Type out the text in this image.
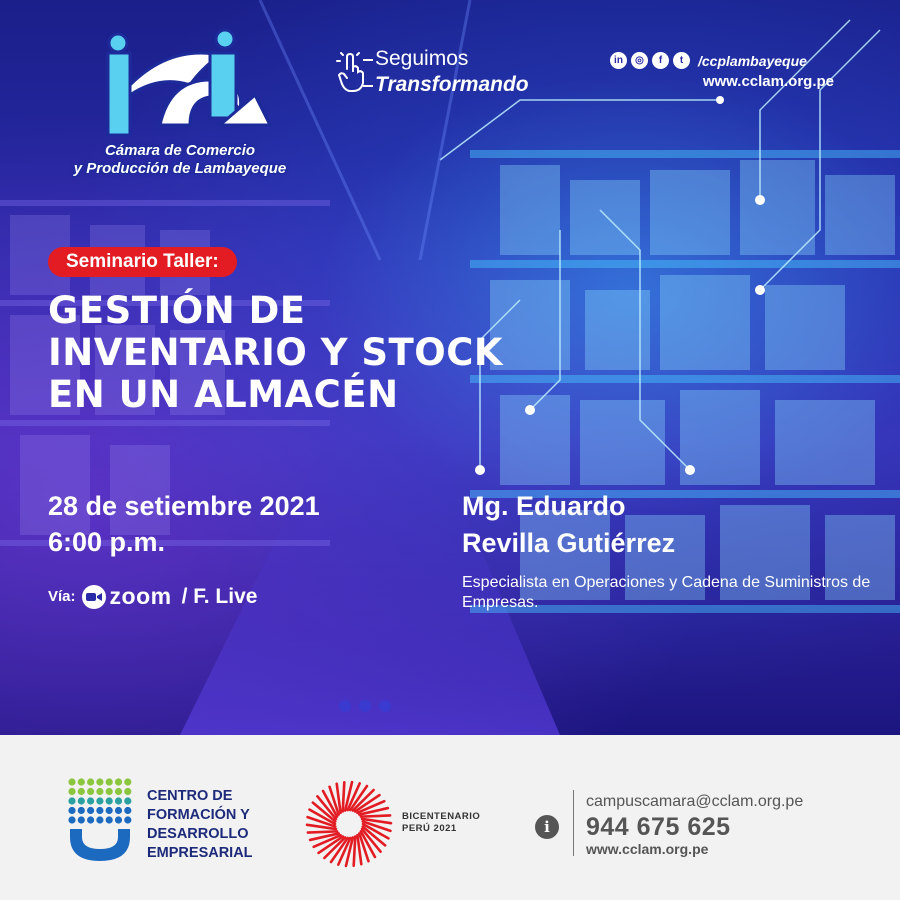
Cámara de Comercio
y Producción de Lambayeque
Seguimos
Transformando
in	◎	f	t	/ccplambayeque
www.cclam.org.pe
Seminario Taller:
GESTIÓN DE
INVENTARIO Y STOCK
EN UN ALMACÉN
28 de setiembre 2021
6:00 p.m.
Vía: zoom / F. Live
Mg. Eduardo
Revilla Gutiérrez
Especialista en Operaciones y Cadena de Suministros de Empresas.
CENTRO DE
FORMACIÓN Y
DESARROLLO
EMPRESARIAL
BICENTENARIO
PERÚ 2021	i
campuscamara@cclam.org.pe
944 675 625
www.cclam.org.pe
